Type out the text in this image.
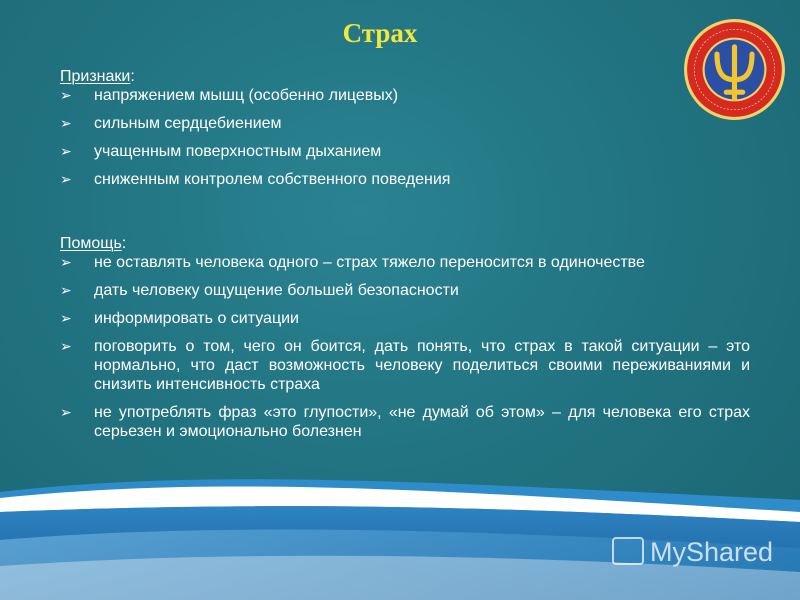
Страх
Признаки:
➢ напряжением мышц (особенно лицевых)
➢ сильным сердцебиением
➢ учащенным поверхностным дыханием
➢ сниженным контролем собственного поведения
Помощь:
➢ не оставлять человека одного – страх тяжело переносится в одиночестве
➢ дать человеку ощущение большей безопасности
➢ информировать о ситуации
➢ поговорить о том, чего он боится, дать понять, что страх в такой ситуации – это нормально, что даст возможность человеку поделиться своими переживаниями и снизить интенсивность страха
➢ не употреблять фраз «это глупости», «не думай об этом» – для человека его страх серьезен и эмоционально болезнен
MyShared
